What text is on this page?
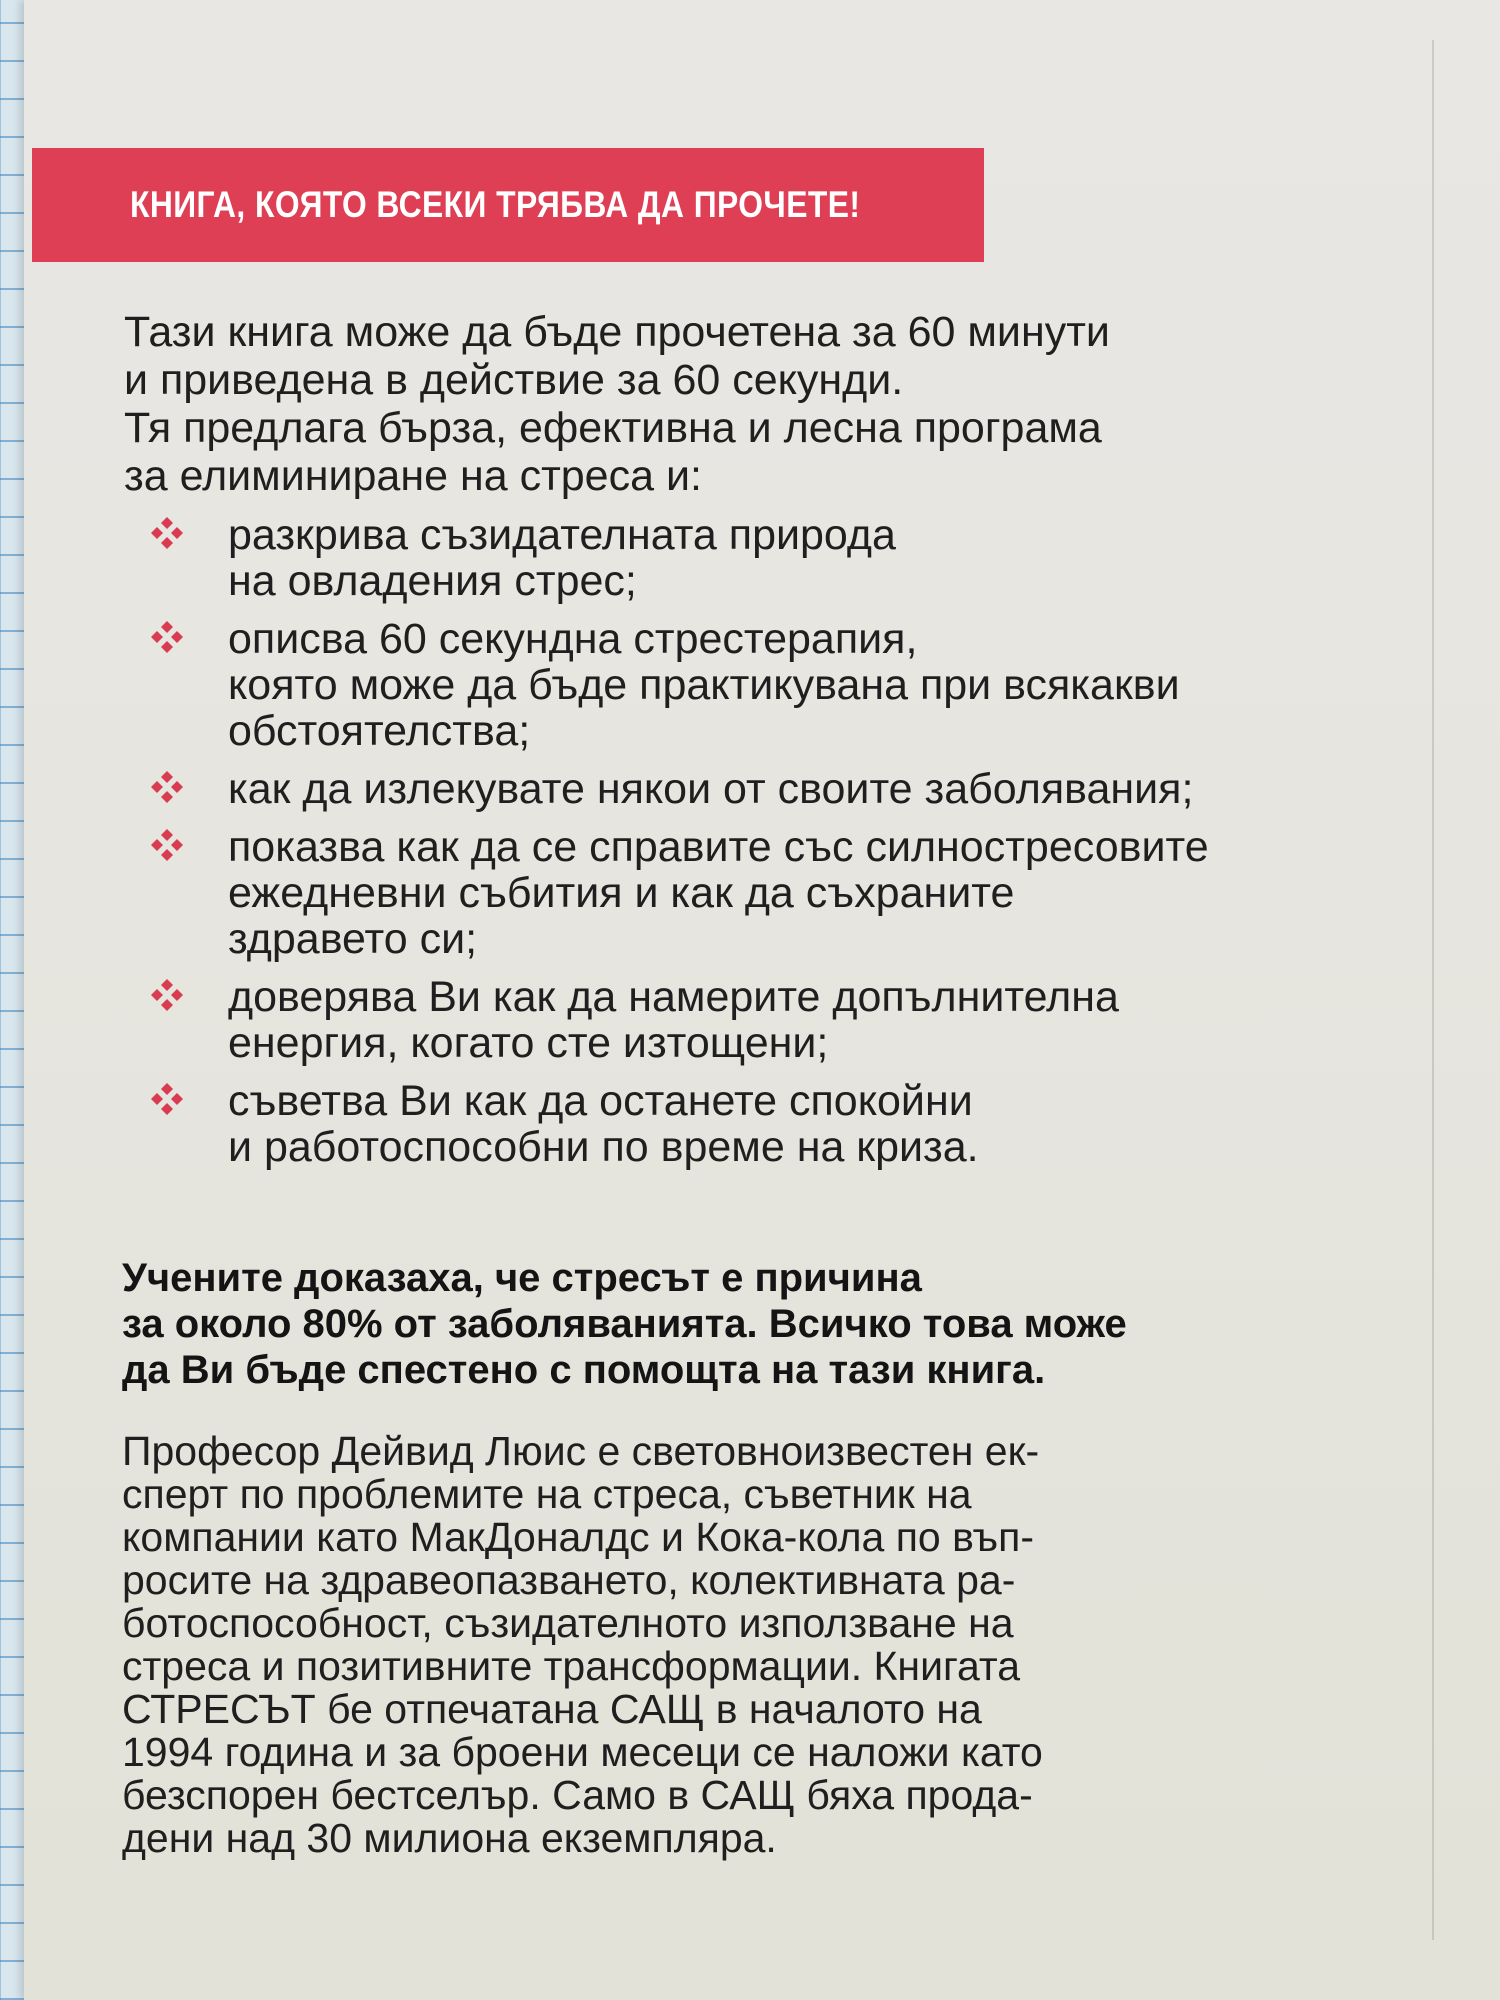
КНИГА, КОЯТО ВСЕКИ ТРЯБВА ДА ПРОЧЕТЕ!
Тази книга може да бъде прочетена за 60 минути
и приведена в действие за 60 секунди.
Тя предлага бърза, ефективна и лесна програма
за елиминиране на стреса и:
разкрива съзидателната природа
на овладения стрес;
описва 60 секундна стрестерапия,
която може да бъде практикувана при всякакви
обстоятелства;
как да излекувате някои от своите заболявания;
показва как да се справите със силностресовите
ежедневни събития и как да съхраните
здравето си;
доверява Ви как да намерите допълнителна
енергия, когато сте изтощени;
съветва Ви как да останете спокойни
и работоспособни по време на криза.
Учените доказаха, че стресът е причина
за около 80% от заболяванията. Всичко това може
да Ви бъде спестено с помощта на тази книга.
Професор Дейвид Люис е световноизвестен ек-
сперт по проблемите на стреса, съветник на
компании като МакДоналдс и Кока-кола по въп-
росите на здравеопазването, колективната ра-
ботоспособност, съзидателното използване на
стреса и позитивните трансформации. Книгата
СТРЕСЪТ бе отпечатана САЩ в началото на
1994 година и за броени месеци се наложи като
безспорен бестселър. Само в САЩ бяха прода-
дени над 30 милиона екземпляра.
